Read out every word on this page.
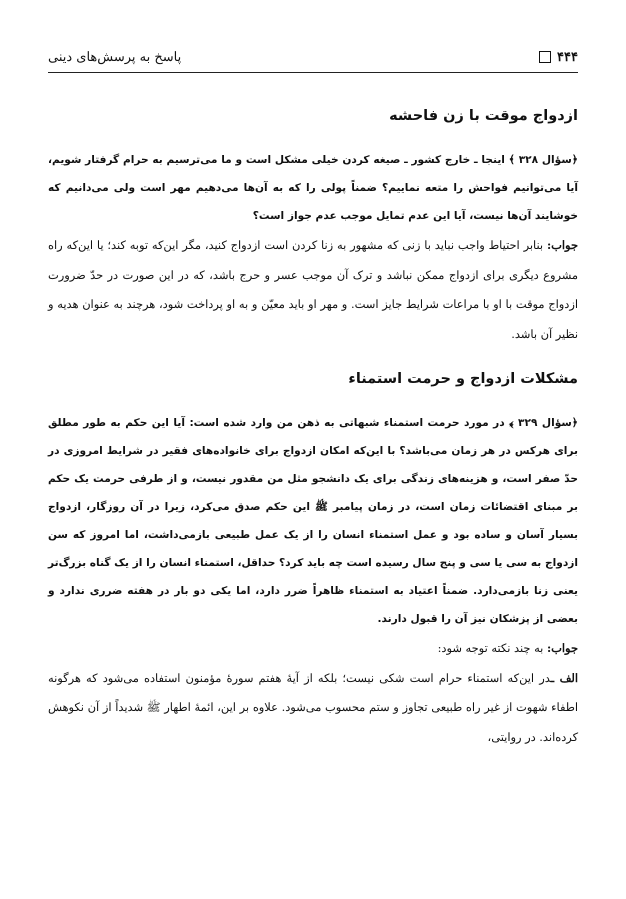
۴۴۴
پاسخ به پرسش‌های دینی
ازدواج موقت با زن فاحشه

﴿سؤال ۳۲۸ ﴾ اینجا ـ خارج کشور ـ صیغه کردن خیلی مشکل است و ما می‌ترسیم به حرام گرفتار شویم، آیا می‌توانیم فواحش را متعه نماییم؟ ضمناً پولی را که به آن‌ها می‌دهیم مهر است ولی می‌دانیم که خوشایند آن‌ها نیست، آیا این عدم تمایل موجب عدم جواز است؟

جواب: بنابر احتیاط واجب نباید با زنی که مشهور به زنا کردن است ازدواج کنید، مگر این‌که توبه کند؛ یا این‌که راه مشروع دیگری برای ازدواج ممکن نباشد و ترک آن موجب عسر و حرج باشد، که در این صورت در حدّ ضرورت ازدواج موقت با او با مراعات شرایط جایز است. و مهر او باید معیّن و به او پرداخت شود، هرچند به عنوان هدیه و نظیر آن باشد.

مشکلات ازدواج و حرمت استمناء

﴿سؤال ۳۲۹ ﴾ در مورد حرمت استمناء شبهاتی به ذهن من وارد شده است: آیا این حکم به طور مطلق برای هرکس در هر زمان می‌باشد؟ با این‌که امکان ازدواج برای خانواده‌های فقیر در شرایط امروزی در حدّ صفر است، و هزینه‌های زندگی برای یک دانشجو مثل من مقدور نیست، و از طرفی حرمت یک حکم بر مبنای اقتضائات زمان است، در زمان پیامبر ﷺ این حکم صدق می‌کرد، زیرا در آن روزگار، ازدواج بسیار آسان و ساده بود و عمل استمناء انسان را از یک عمل طبیعی بازمی‌داشت، اما امروز که سن ازدواج به سی یا سی و پنج سال رسیده است چه باید کرد؟ حداقل، استمناء انسان را از یک گناه بزرگ‌تر یعنی زنا بازمی‌دارد. ضمناً اعتیاد به استمناء ظاهراً ضرر دارد، اما یکی دو بار در هفته ضرری ندارد و بعضی از پزشکان نیز آن را قبول دارند.

جواب: به چند نکته توجه شود:

الف ـدر این‌که استمناء حرام است شکی نیست؛ بلکه از آیهٔ هفتم سورهٔ مؤمنون استفاده می‌شود که هرگونه اطفاء شهوت از غیر راه طبیعی تجاوز و ستم محسوب می‌شود. علاوه بر این، ائمهٔ اطهار ﷺ شدیداً از آن نکوهش کرده‌اند. در روایتی،
